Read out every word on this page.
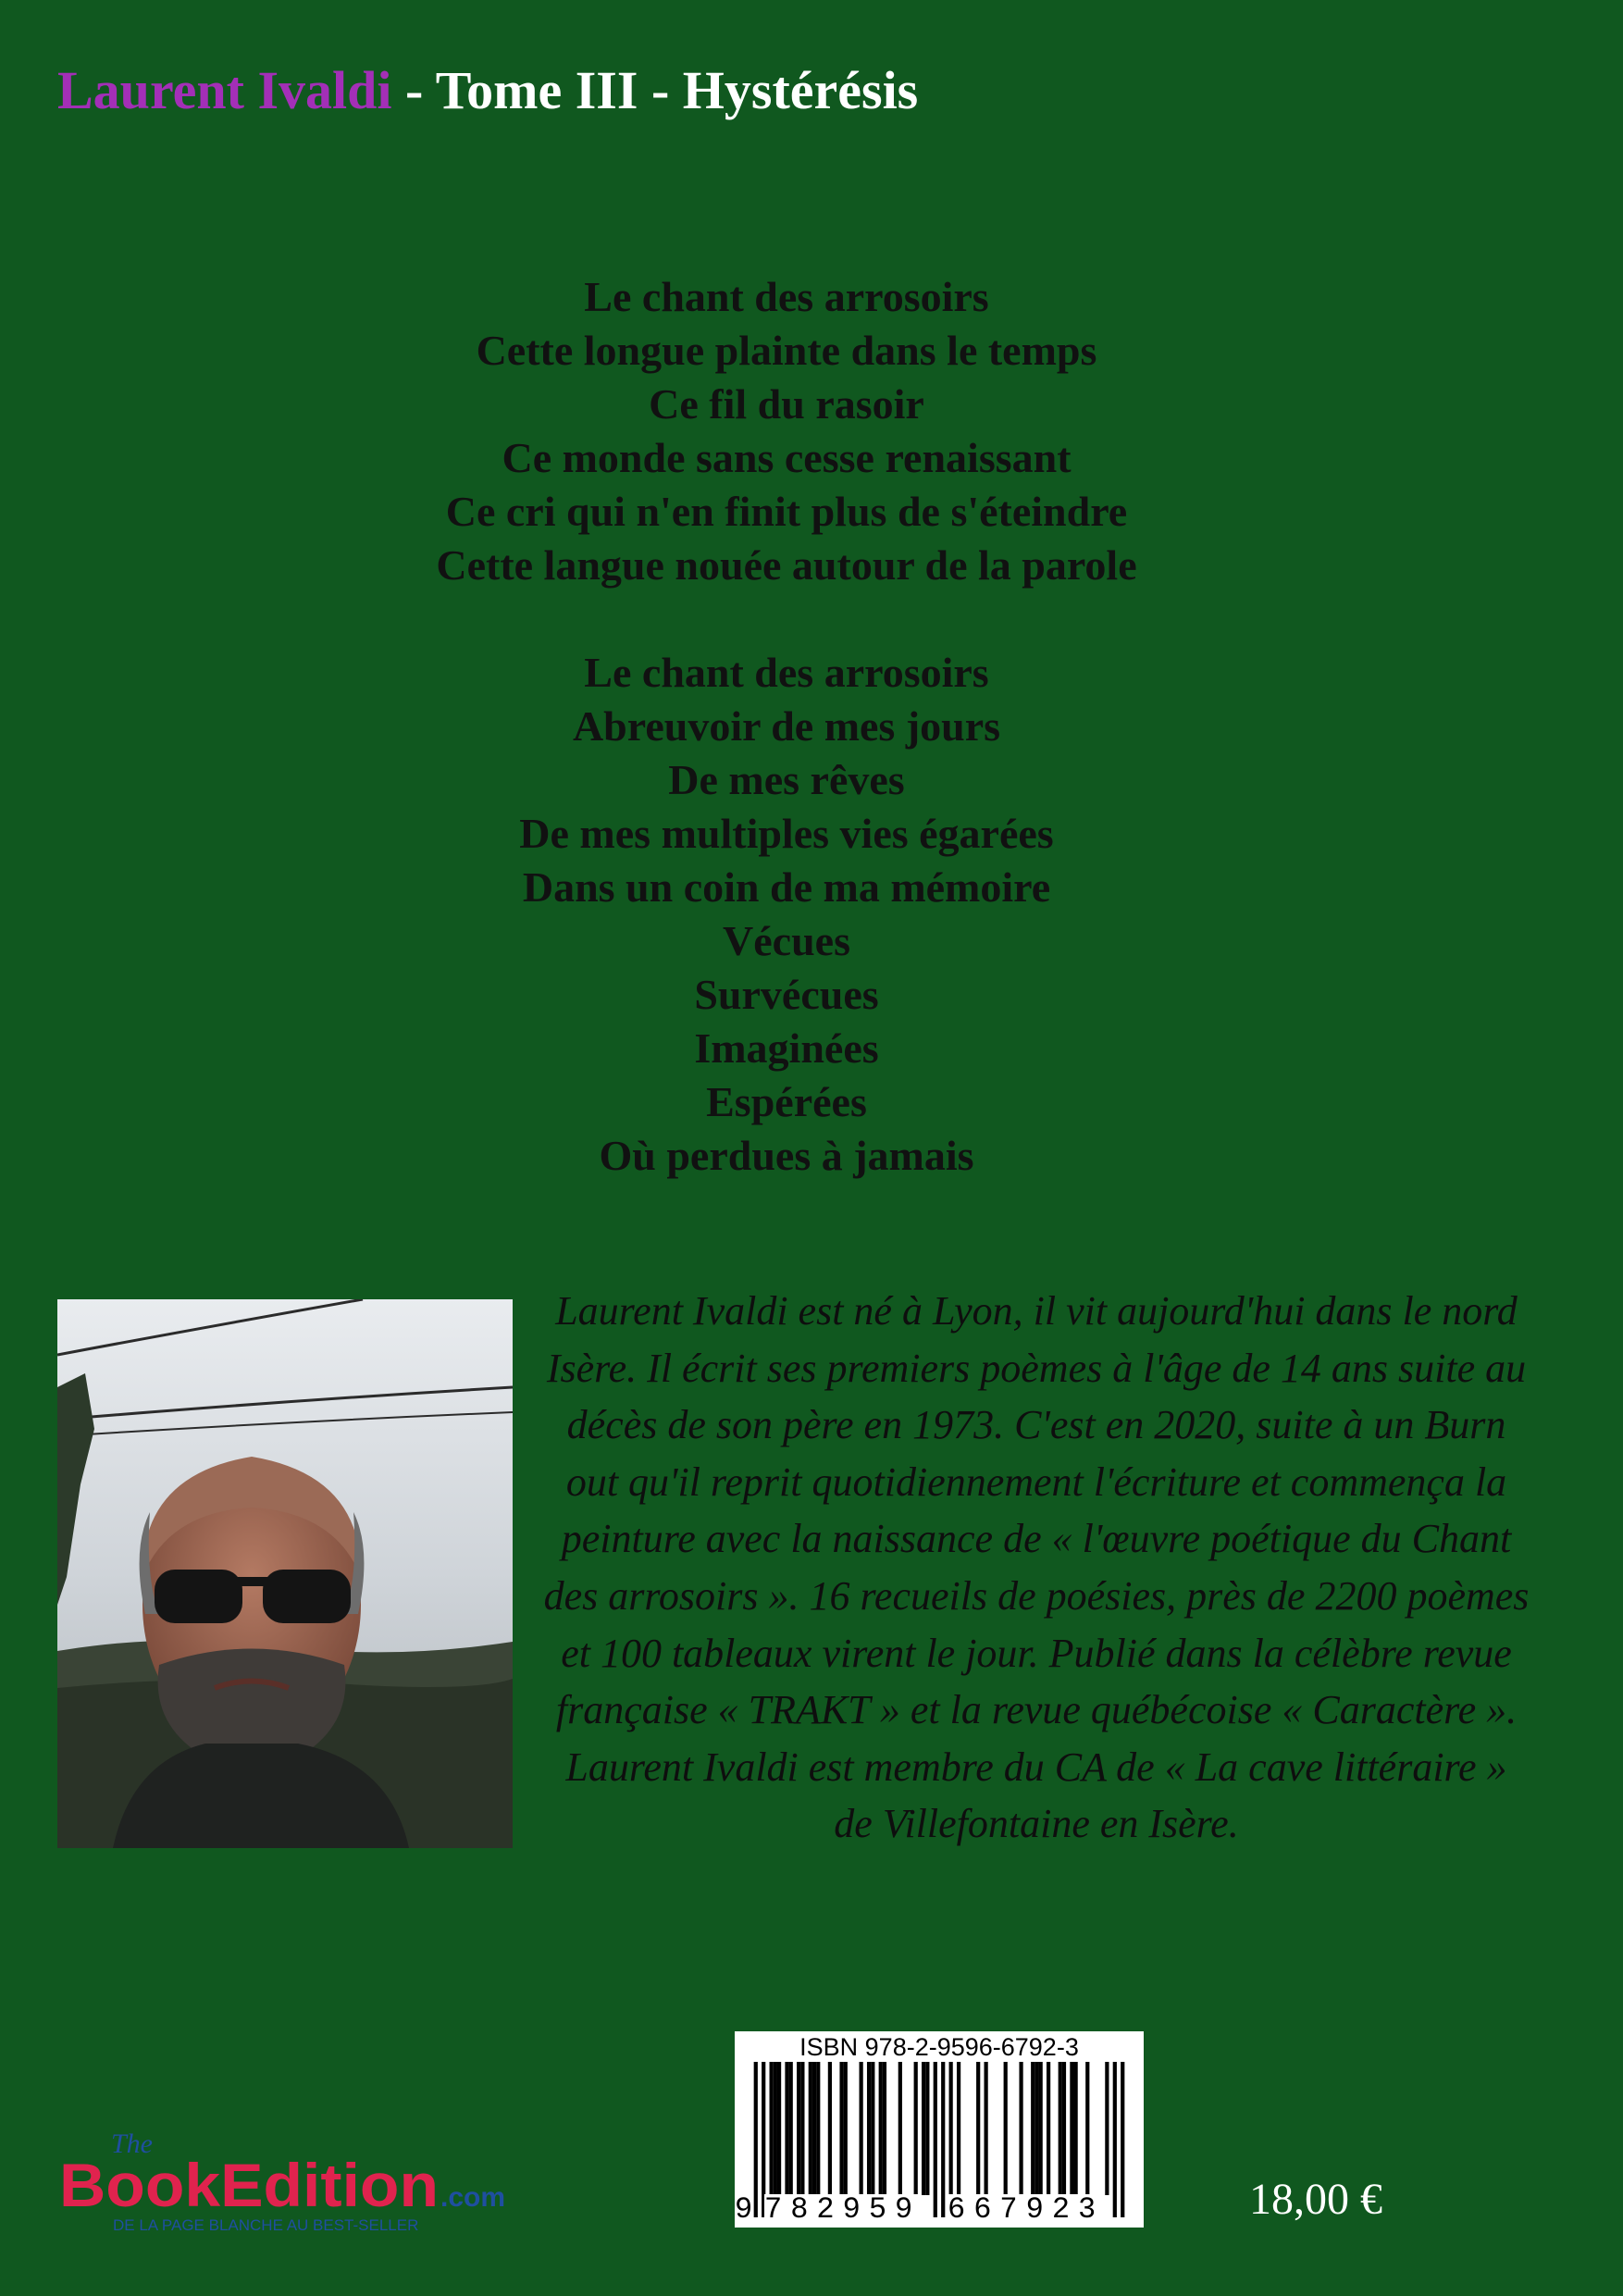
Laurent Ivaldi - Tome III - Hystérésis
Le chant des arrosoirs
Cette longue plainte dans le temps
Ce fil du rasoir
Ce monde sans cesse renaissant
Ce cri qui n'en finit plus de s'éteindre
Cette langue nouée autour de la parole
Le chant des arrosoirs
Abreuvoir de mes jours
De mes rêves
De mes multiples vies égarées
Dans un coin de ma mémoire
Vécues
Survécues
Imaginées
Espérées
Où perdues à jamais
Laurent Ivaldi est né à Lyon, il vit aujourd'hui dans le nord
Isère. Il écrit ses premiers poèmes à l'âge de 14 ans suite au
décès de son père en 1973. C'est en 2020, suite à un Burn
out qu'il reprit quotidiennement l'écriture et commença la
peinture avec la naissance de « l'œuvre poétique du Chant
des arrosoirs ». 16 recueils de poésies, près de 2200 poèmes
et 100 tableaux virent le jour. Publié dans la célèbre revue
française « TRAKT » et la revue québécoise « Caractère ».
Laurent Ivaldi est membre du CA de « La cave littéraire »
de Villefontaine en Isère.
The
BookEdition .com
DE LA PAGE BLANCHE AU BEST-SELLER
ISBN 978-2-9596-6792-3
9 782959 667923	18,00 €
